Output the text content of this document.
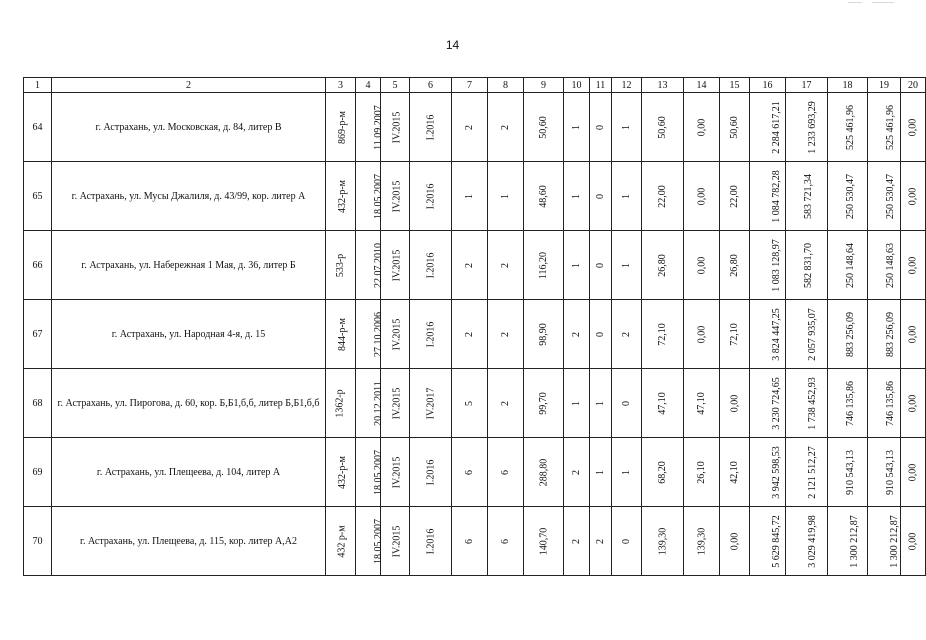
14
1	2	3	4	5	6	7	8	9	10	11	12	13	14	15	16	17	18	19	20
64	г. Астрахань, ул. Московская, д. 84, литер В	869-р-м	11.09.2007	IV.2015	I.2016	2	2	50,60	1	0	1	50,60	0,00	50,60	2 284 617,21	1 233 693,29	525 461,96	525 461,96	0,00
65	г. Астрахань, ул. Мусы Джалиля, д. 43/99, кор. литер А	432-р-м	18.05.2007	IV.2015	I.2016	1	1	48,60	1	0	1	22,00	0,00	22,00	1 084 782,28	583 721,34	250 530,47	250 530,47	0,00
66	г. Астрахань, ул. Набережная 1 Мая, д. 36, литер Б	533-р	22.07.2010	IV.2015	I.2016	2	2	116,20	1	0	1	26,80	0,00	26,80	1 083 128,97	582 831,70	250 148,64	250 148,63	0,00
67	г. Астрахань, ул. Народная 4-я, д. 15	844-р-м	27.10.2006	IV.2015	I.2016	2	2	98,90	2	0	2	72,10	0,00	72,10	3 824 447,25	2 057 935,07	883 256,09	883 256,09	0,00
68	г. Астрахань, ул. Пирогова, д. 60, кор. Б,Б1,б,б, литер Б,Б1,б,б	1362-р	20.12.2011	IV.2015	IV.2017	5	2	99,70	1	1	0	47,10	47,10	0,00	3 230 724,65	1 738 452,93	746 135,86	746 135,86	0,00
69	г. Астрахань, ул. Плещеева, д. 104, литер А	432-р-м	18.05.2007	IV.2015	I.2016	6	6	288,80	2	1	1	68,20	26,10	42,10	3 942 598,53	2 121 512,27	910 543,13	910 543,13	0,00
70	г. Астрахань, ул. Плещеева, д. 115, кор. литер А,А2	432 р-м	18.05.2007	IV.2015	I.2016	6	6	140,70	2	2	0	139,30	139,30	0,00	5 629 845,72	3 029 419,98	1 300 212,87	1 300 212,87	0,00
